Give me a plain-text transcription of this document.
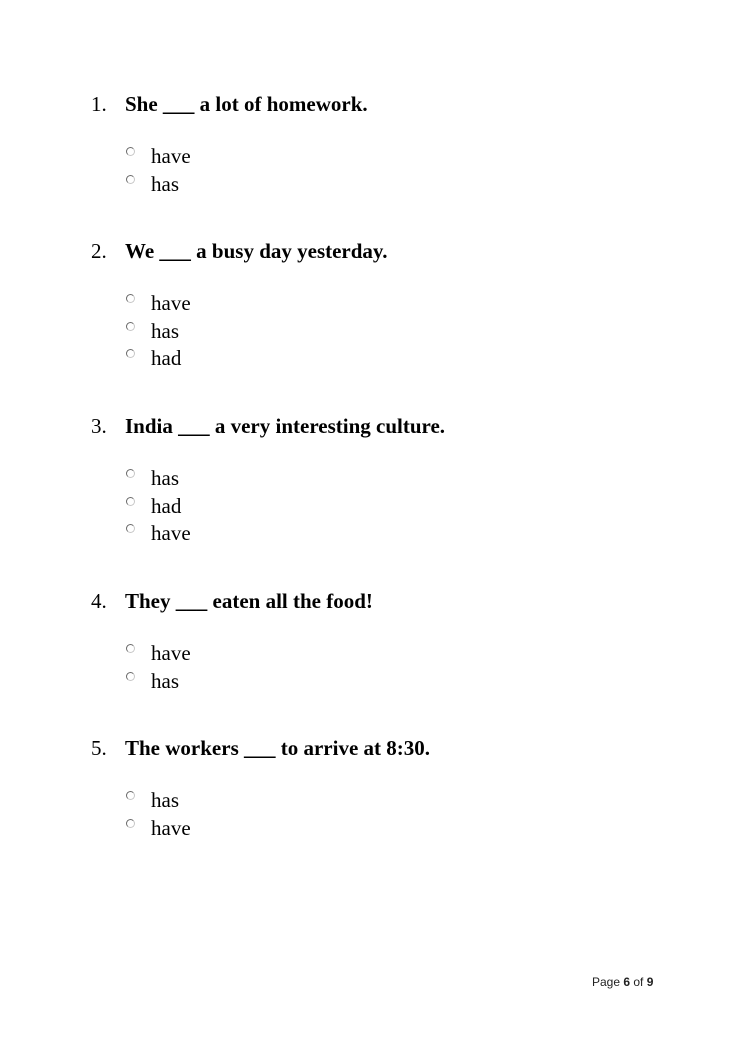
1. She ___ a lot of homework.
have
has
2. We ___ a busy day yesterday.
have
has
had
3. India ___ a very interesting culture.
has
had
have
4. They ___ eaten all the food!
have
has
5. The workers ___ to arrive at 8:30.
has
have
Page 6 of 9
